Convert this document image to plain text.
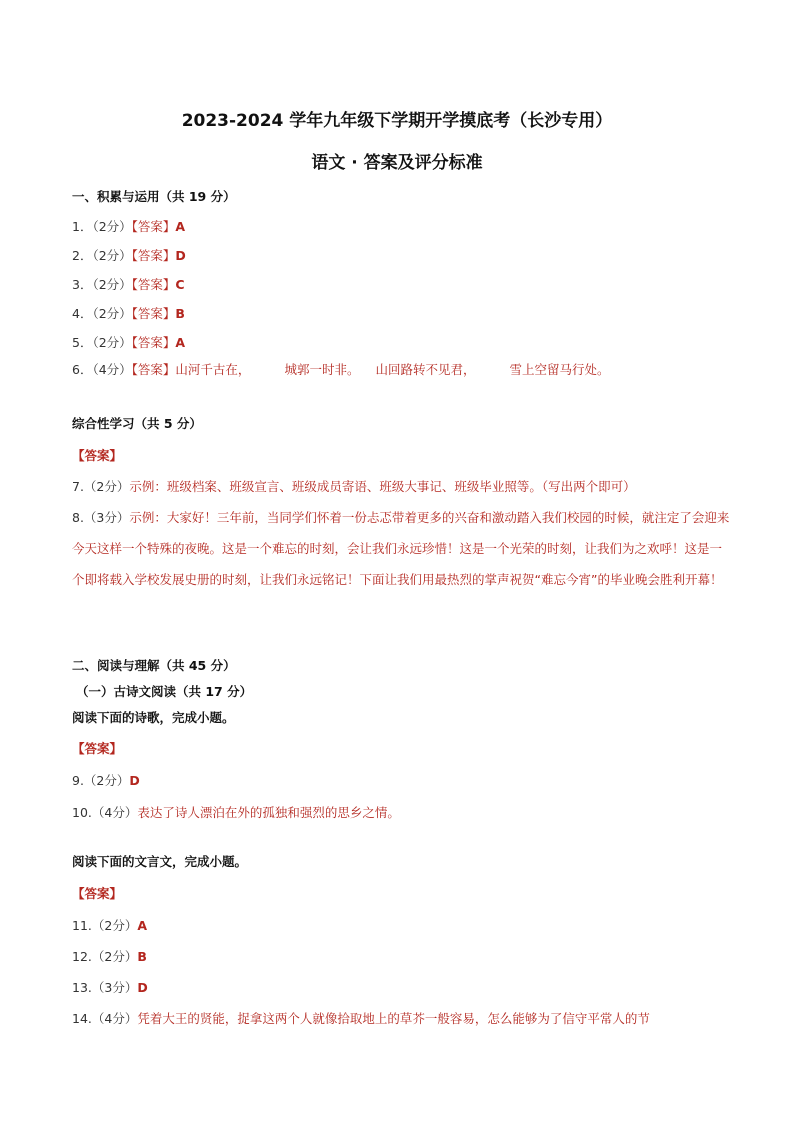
2023-2024 学年九年级下学期开学摸底考（长沙专用）
语文 · 答案及评分标准
一、积累与运用（共 19 分）
1．（2分）【答案】A
2．（2分）【答案】D
3．（2分）【答案】C
4．（2分）【答案】B
5．（2分）【答案】A
6．（4分）【答案】山河千古在，	城郭一时非。 山回路转不见君，	雪上空留马行处。
综合性学习（共 5 分）
【答案】
7.（2分）示例：班级档案、班级宣言、班级成员寄语、班级大事记、班级毕业照等。（写出两个即可）
8.（3分）示例：大家好！三年前，当同学们怀着一份忐忑带着更多的兴奋和激动踏入我们校园的时候，就注定了会迎来今天这样一个特殊的夜晚。这是一个难忘的时刻，会让我们永远珍惜！这是一个光荣的时刻，让我们为之欢呼！这是一个即将载入学校发展史册的时刻，让我们永远铭记！下面让我们用最热烈的掌声祝贺“难忘今宵”的毕业晚会胜利开幕！
二、阅读与理解（共 45 分）
（一）古诗文阅读（共 17 分）
阅读下面的诗歌，完成小题。
【答案】
9.（2分）D
10.（4分）表达了诗人漂泊在外的孤独和强烈的思乡之情。
阅读下面的文言文，完成小题。
【答案】
11.（2分）A
12.（2分）B
13.（3分）D
14.（4分）凭着大王的贤能，捉拿这两个人就像拾取地上的草芥一般容易，怎么能够为了信守平常人的节
